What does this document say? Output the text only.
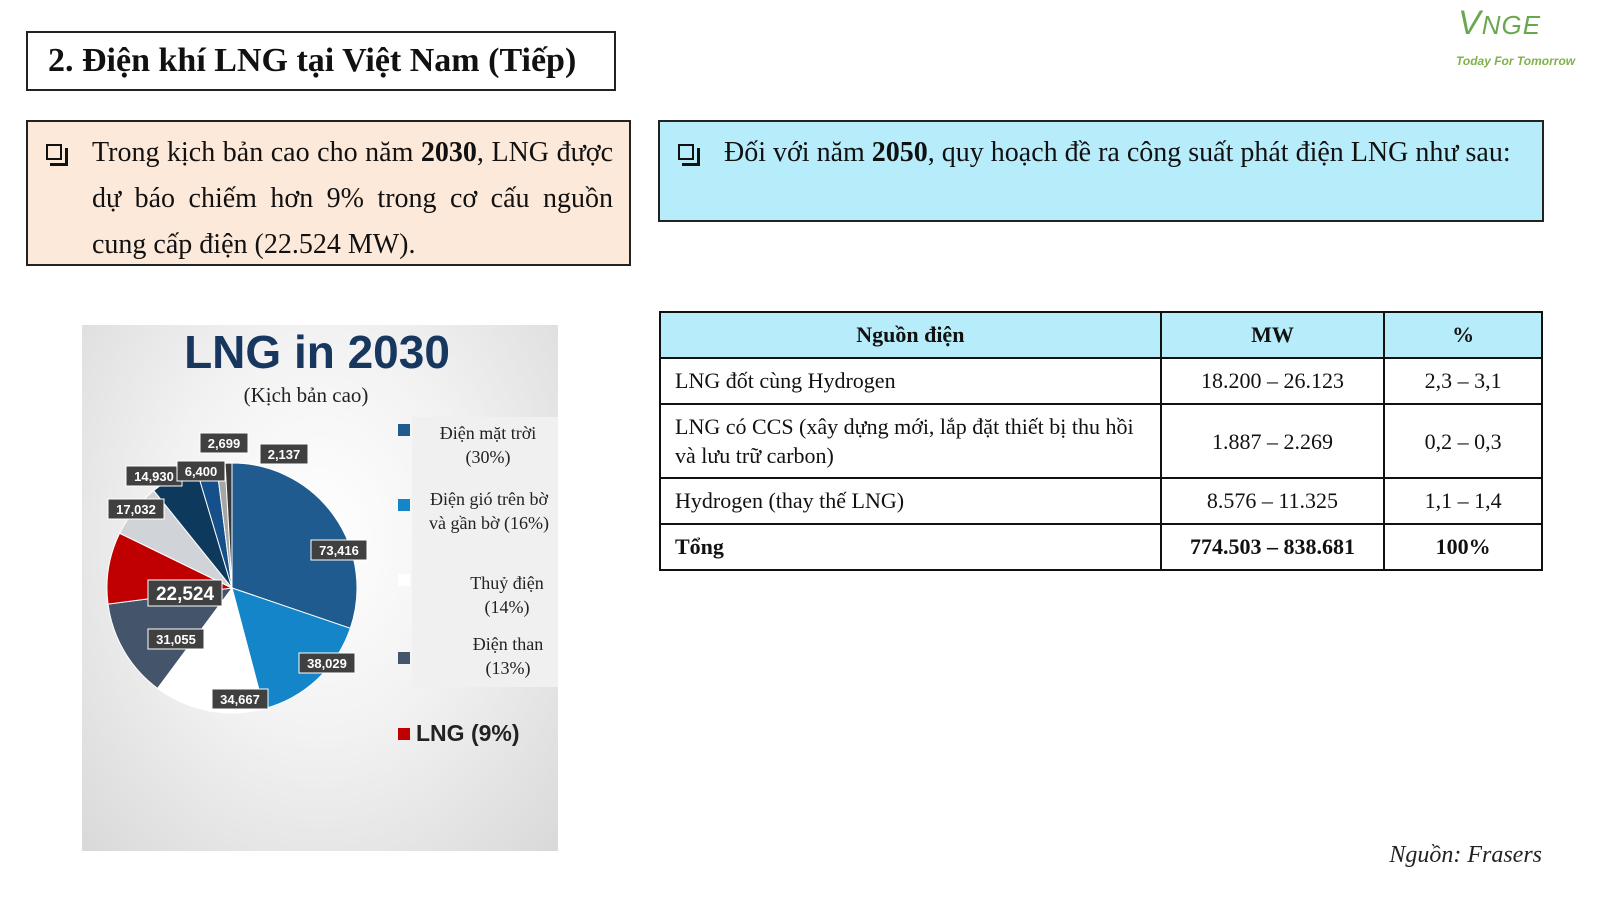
2. Điện khí LNG tại Việt Nam (Tiếp)
VNGE
Today For Tomorrow
Trong kịch bản cao cho năm 2030, LNG được dự báo chiếm hơn 9% trong cơ cấu nguồn cung cấp điện (22.524 MW).
Đối với năm 2050, quy hoạch đề ra công suất phát điện LNG như sau:
LNG in 2030
(Kịch bản cao)
Điện mặt trời (30%)
Điện gió trên bờ và gần bờ (16%)
Thuỷ điện (14%)
Điện than (13%)
LNG (9%)
73,416
38,029
34,667
31,055
22,524
17,032
14,930 6,400
2,699
2,137
Nguồn điện	MW	%
LNG đốt cùng Hydrogen	18.200 – 26.123	2,3 – 3,1
LNG có CCS (xây dựng mới, lắp đặt thiết bị thu hồi và lưu trữ carbon)	1.887 – 2.269	0,2 – 0,3
Hydrogen (thay thế LNG)	8.576 – 11.325	1,1 – 1,4
Tổng	774.503 – 838.681	100%
Nguồn: Frasers
